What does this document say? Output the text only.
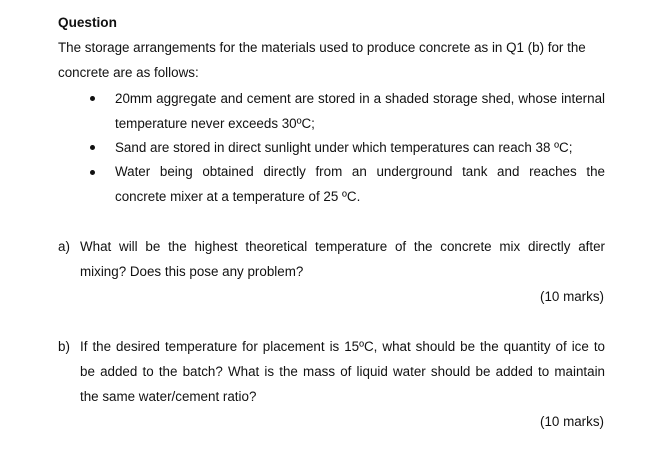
Question
The storage arrangements for the materials used to produce concrete as in Q1 (b) for the
concrete are as follows:
20mm aggregate and cement are stored in a shaded storage shed, whose internal
temperature never exceeds 30ºC;
Sand are stored in direct sunlight under which temperatures can reach 38 ºC;
Water being obtained directly from an underground tank and reaches the
concrete mixer at a temperature of 25 ºC.
a) What will be the highest theoretical temperature of the concrete mix directly after
mixing? Does this pose any problem?
(10 marks)
b) If the desired temperature for placement is 15ºC, what should be the quantity of ice to
be added to the batch? What is the mass of liquid water should be added to maintain
the same water/cement ratio?
(10 marks)
